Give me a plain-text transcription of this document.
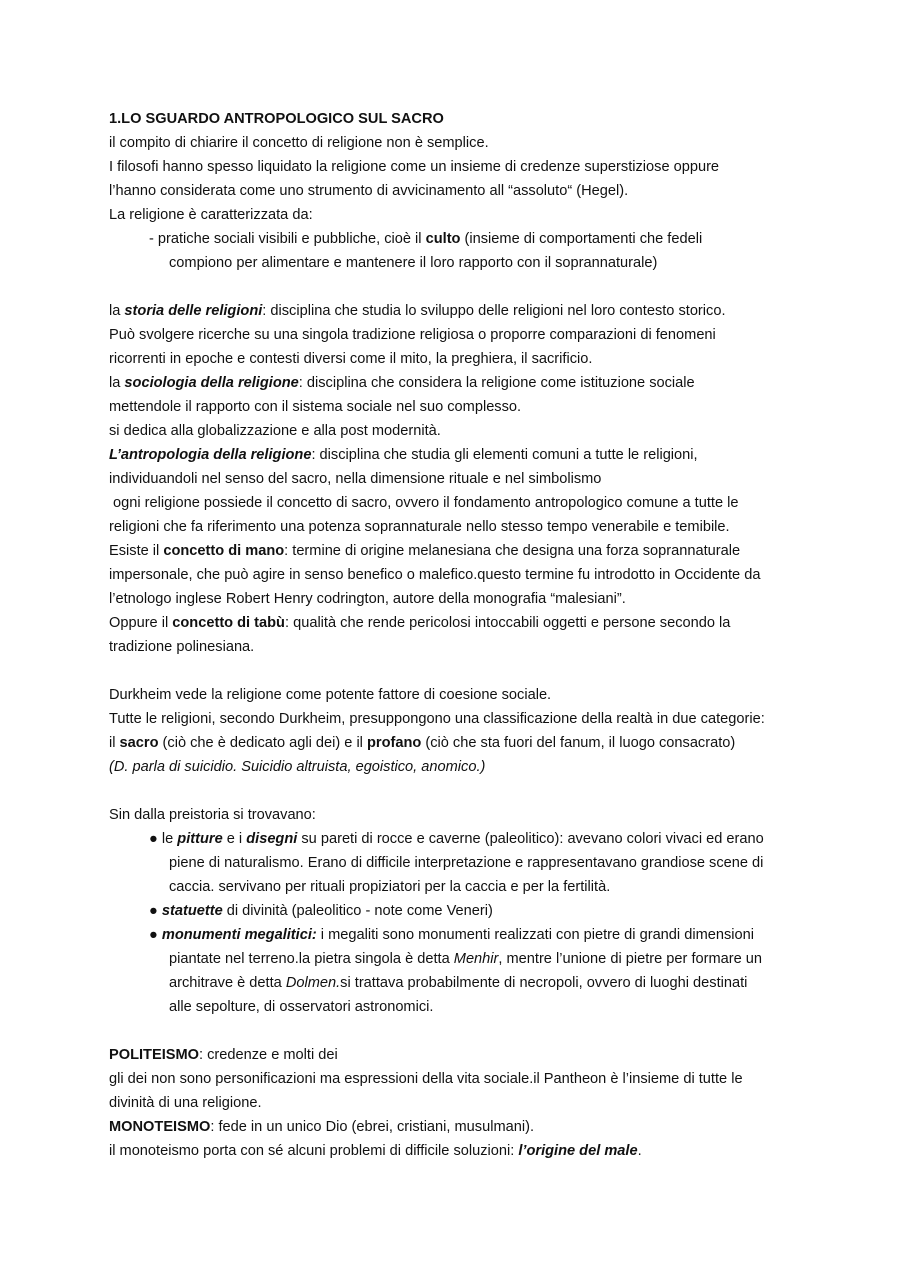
1.LO SGUARDO ANTROPOLOGICO SUL SACRO
il compito di chiarire il concetto di religione non è semplice.
I filosofi hanno spesso liquidato la religione come un insieme di credenze superstiziose oppure
l’hanno considerata come uno strumento di avvicinamento all “assoluto“ (Hegel).
La religione è caratterizzata da:
- pratiche sociali visibili e pubbliche, cioè il culto (insieme di comportamenti che fedeli
compiono per alimentare e mantenere il loro rapporto con il soprannaturale)
la storia delle religioni: disciplina che studia lo sviluppo delle religioni nel loro contesto storico.
Può svolgere ricerche su una singola tradizione religiosa o proporre comparazioni di fenomeni
ricorrenti in epoche e contesti diversi come il mito, la preghiera, il sacrificio.
la sociologia della religione: disciplina che considera la religione come istituzione sociale
mettendole il rapporto con il sistema sociale nel suo complesso.
si dedica alla globalizzazione e alla post modernità.
L’antropologia della religione: disciplina che studia gli elementi comuni a tutte le religioni,
individuandoli nel senso del sacro, nella dimensione rituale e nel simbolismo
ogni religione possiede il concetto di sacro, ovvero il fondamento antropologico comune a tutte le
religioni che fa riferimento una potenza soprannaturale nello stesso tempo venerabile e temibile.
Esiste il concetto di mano: termine di origine melanesiana che designa una forza soprannaturale
impersonale, che può agire in senso benefico o malefico.questo termine fu introdotto in Occidente da
l’etnologo inglese Robert Henry codrington, autore della monografia “malesiani”.
Oppure il concetto di tabù: qualità che rende pericolosi intoccabili oggetti e persone secondo la
tradizione polinesiana.
Durkheim vede la religione come potente fattore di coesione sociale.
Tutte le religioni, secondo Durkheim, presuppongono una classificazione della realtà in due categorie:
il sacro (ciò che è dedicato agli dei) e il profano (ciò che sta fuori del fanum, il luogo consacrato)
(D. parla di suicidio. Suicidio altruista, egoistico, anomico.)
Sin dalla preistoria si trovavano:
● le pitture e i disegni su pareti di rocce e caverne (paleolitico): avevano colori vivaci ed erano
piene di naturalismo. Erano di difficile interpretazione e rappresentavano grandiose scene di
caccia. servivano per rituali propiziatori per la caccia e per la fertilità.
● statuette di divinità (paleolitico - note come Veneri)
● monumenti megalitici: i megaliti sono monumenti realizzati con pietre di grandi dimensioni
piantate nel terreno.la pietra singola è detta Menhir, mentre l’unione di pietre per formare un
architrave è detta Dolmen.si trattava probabilmente di necropoli, ovvero di luoghi destinati
alle sepolture, di osservatori astronomici.
POLITEISMO: credenze e molti dei
gli dei non sono personificazioni ma espressioni della vita sociale.il Pantheon è l’insieme di tutte le
divinità di una religione.
MONOTEISMO: fede in un unico Dio (ebrei, cristiani, musulmani).
il monoteismo porta con sé alcuni problemi di difficile soluzioni: l’origine del male.
